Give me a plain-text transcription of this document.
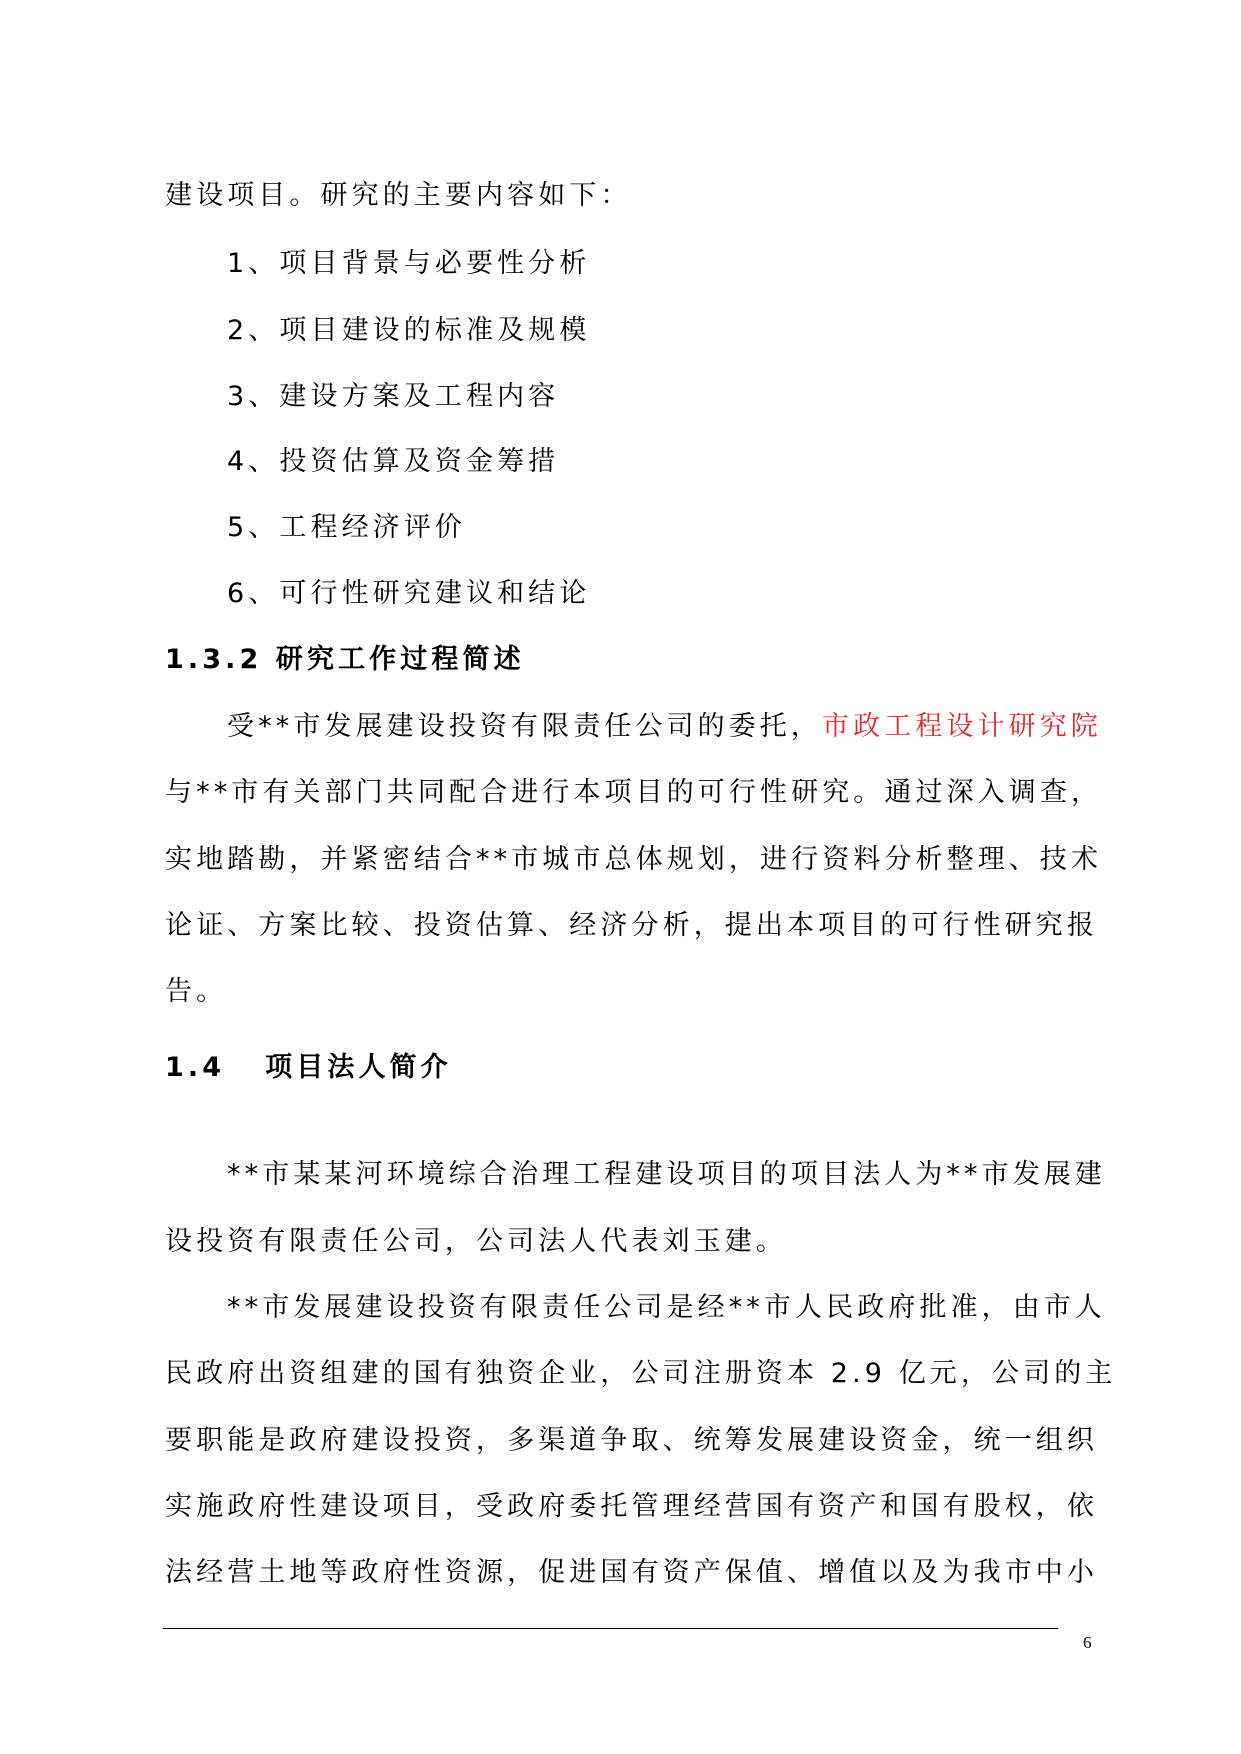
建设项目。研究的主要内容如下：
1、项目背景与必要性分析
2、项目建设的标准及规模
3、建设方案及工程内容
4、投资估算及资金筹措
5、工程经济评价
6、可行性研究建议和结论
1.3.2 研究工作过程简述
受**市发展建设投资有限责任公司的委托，市政工程设计研究院
与**市有关部门共同配合进行本项目的可行性研究。通过深入调查，
实地踏勘，并紧密结合**市城市总体规划，进行资料分析整理、技术
论证、方案比较、投资估算、经济分析，提出本项目的可行性研究报
告。
1.4 项目法人简介
**市某某河环境综合治理工程建设项目的项目法人为**市发展建
设投资有限责任公司，公司法人代表刘玉建。
**市发展建设投资有限责任公司是经**市人民政府批准，由市人
民政府出资组建的国有独资企业，公司注册资本 2.9 亿元，公司的主
要职能是政府建设投资，多渠道争取、统筹发展建设资金，统一组织
实施政府性建设项目，受政府委托管理经营国有资产和国有股权，依
法经营土地等政府性资源，促进国有资产保值、增值以及为我市中小
6
